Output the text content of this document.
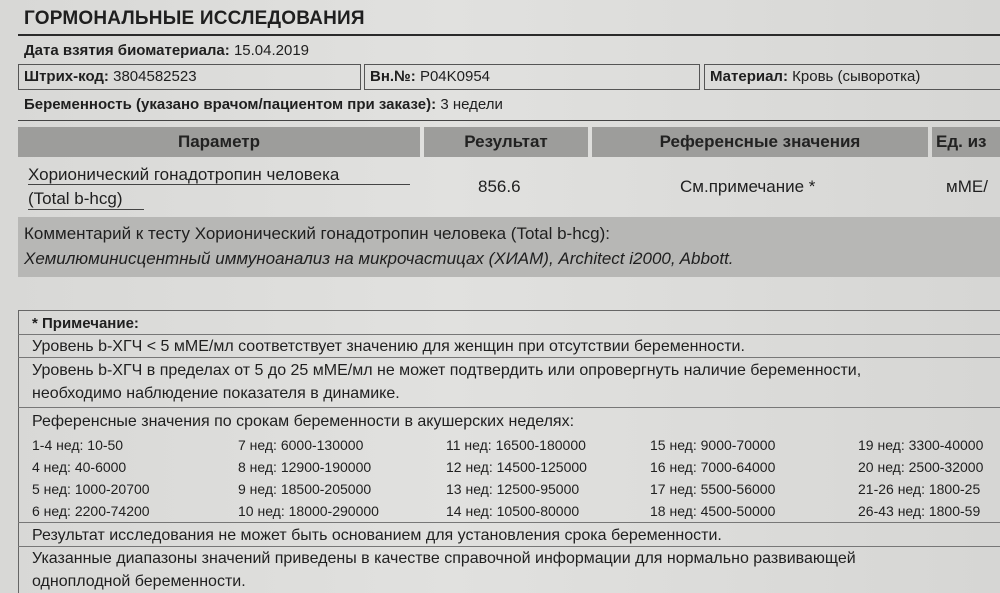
ГОРМОНАЛЬНЫЕ ИССЛЕДОВАНИЯ
Дата взятия биоматериала: 15.04.2019
Штрих-код: 3804582523	Вн.№: P04K0954	Материал: Кровь (сыворотка)
Беременность (указано врачом/пациентом при заказе): 3 недели
Параметр	Результат	Референсные значения	Ед. из
Хорионический гонадотропин человека
(Total b-hcg)
856.6	См.примечание *	мМЕ/
Комментарий к тесту Хорионический гонадотропин человека (Total b-hcg):
Хемилюминисцентный иммуноанализ на микрочастицах (ХИАМ), Architect i2000, Abbott.
* Примечание:
Уровень b-ХГЧ < 5 мМЕ/мл соответствует значению для женщин при отсутствии беременности.
Уровень b-ХГЧ в пределах от 5 до 25 мМЕ/мл не может подтвердить или опровергнуть наличие беременности,
необходимо наблюдение показателя в динамике.
Референсные значения по срокам беременности в акушерских неделях:
1-4 нед: 10-50	7 нед: 6000-130000	11 нед: 16500-180000	15 нед: 9000-70000	19 нед: 3300-40000
4 нед: 40-6000	8 нед: 12900-190000	12 нед: 14500-125000	16 нед: 7000-64000	20 нед: 2500-32000
5 нед: 1000-20700	9 нед: 18500-205000	13 нед: 12500-95000	17 нед: 5500-56000	21-26 нед: 1800-25
6 нед: 2200-74200	10 нед: 18000-290000	14 нед: 10500-80000	18 нед: 4500-50000	26-43 нед: 1800-59
Результат исследования не может быть основанием для установления срока беременности.
Указанные диапазоны значений приведены в качестве справочной информации для нормально развивающей
одноплодной беременности.
